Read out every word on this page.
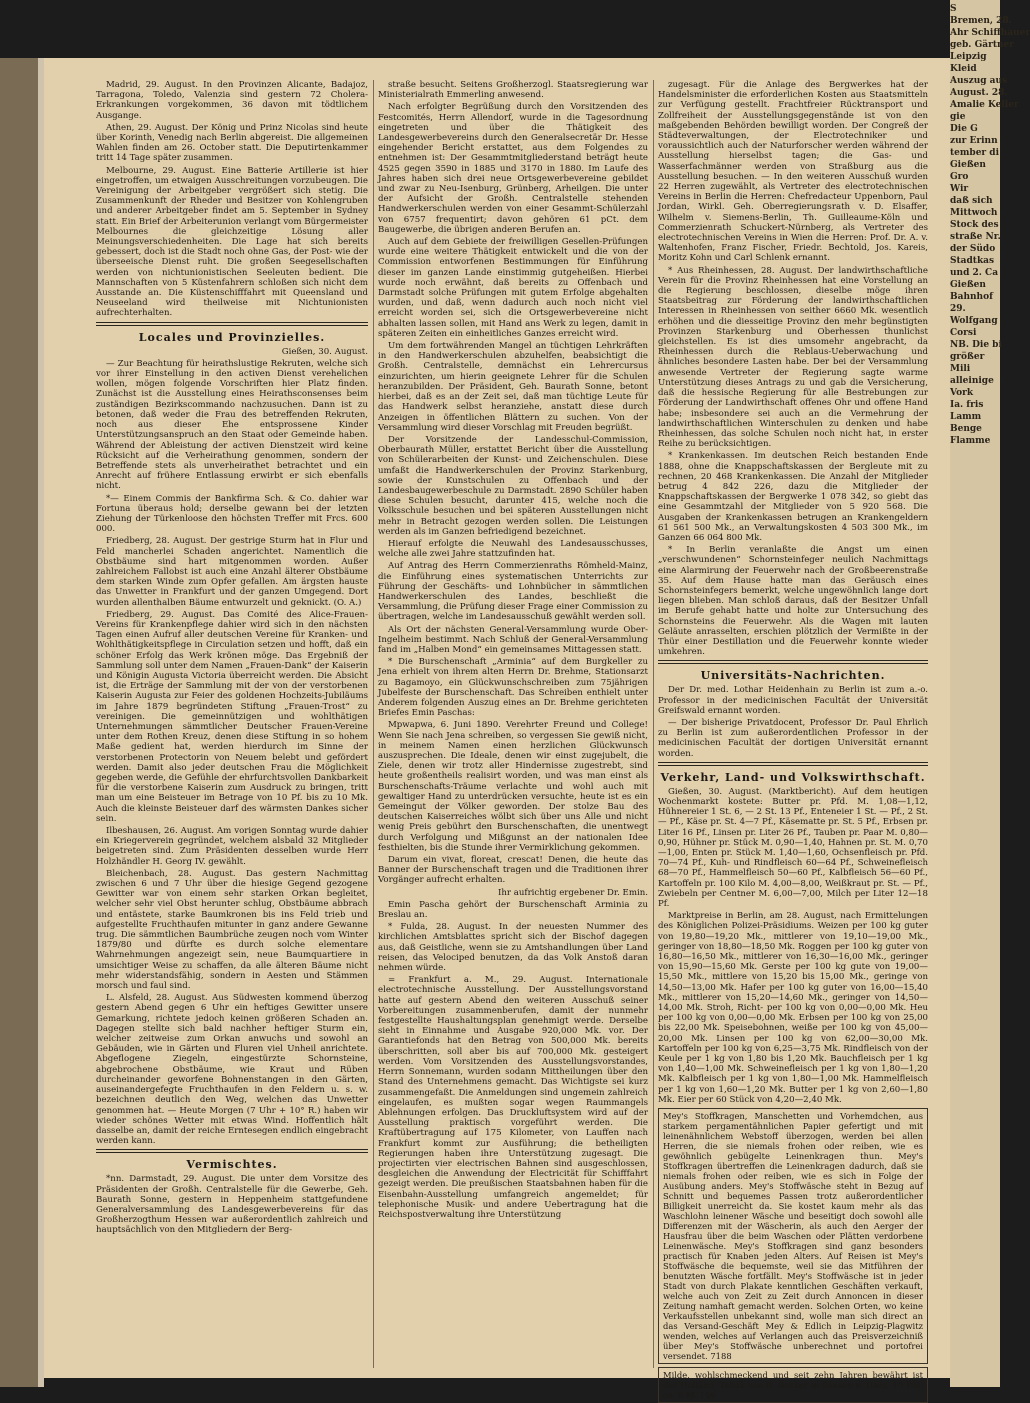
Madrid, 29. August. In den Provinzen Alicante, Badajoz, Tarragona, Toledo, Valenzia sind gestern 72 Cholera-Erkrankungen vorgekommen, 36 davon mit tödtlichem Ausgange.

Athen, 29. August. Der König und Prinz Nicolas sind heute über Korinth, Venedig nach Berlin abgereist. Die allgemeinen Wahlen finden am 26. October statt. Die Deputirtenkammer tritt 14 Tage später zusammen.

Melbourne, 29. August. Eine Batterie Artillerie ist hier eingetroffen, um etwaigen Ausschreitungen vorzubeugen. Die Vereinigung der Arbeitgeber vergrößert sich stetig. Die Zusammenkunft der Rheder und Besitzer von Kohlengruben und anderer Arbeitgeber findet am 5. September in Sydney statt. Ein Brief der Arbeiterunion verlangt vom Bürgermeister Melbournes die gleichzeitige Lösung aller Meinungsverschiedenheiten. Die Lage hat sich bereits gebessert, doch ist die Stadt noch ohne Gas, der Post- wie der überseeische Dienst ruht. Die großen Seegesellschaften werden von nichtunionistischen Seeleuten bedient. Die Mannschaften von 5 Küstenfahrern schloßen sich nicht dem Ausstande an. Die Küstenschifffahrt mit Queensland und Neuseeland wird theilweise mit Nichtunionisten aufrechterhalten.

Locales und Provinzielles.

Gießen, 30. August.

— Zur Beachtung für heirathslustige Rekruten, welche sich vor ihrer Einstellung in den activen Dienst verehelichen wollen, mögen folgende Vorschriften hier Platz finden. Zunächst ist die Ausstellung eines Heirathsconsenses beim zuständigen Bezirkscommando nachzusuchen. Dann ist zu betonen, daß weder die Frau des betreffenden Rekruten, noch aus dieser Ehe entsprossene Kinder Unterstützungsanspruch an den Staat oder Gemeinde haben. Während der Ableistung der activen Dienstzeit wird keine Rücksicht auf die Verheirathung genommen, sondern der Betreffende stets als unverheirathet betrachtet und ein Anrecht auf frühere Entlassung erwirbt er sich ebenfalls nicht.

*— Einem Commis der Bankfirma Sch. & Co. dahier war Fortuna überaus hold; derselbe gewann bei der letzten Ziehung der Türkenloose den höchsten Treffer mit Frcs. 600 000.

Friedberg, 28. August. Der gestrige Sturm hat in Flur und Feld mancherlei Schaden angerichtet. Namentlich die Obstbäume sind hart mitgenommen worden. Außer zahlreichem Fallobst ist auch eine Anzahl älterer Obstbäume dem starken Winde zum Opfer gefallen. Am ärgsten hauste das Unwetter in Frankfurt und der ganzen Umgegend. Dort wurden allenthalben Bäume entwurzelt und geknickt. (O. A.)

Friedberg, 29. August. Das Comité des Alice-Frauen-Vereins für Krankenpflege dahier wird sich in den nächsten Tagen einen Aufruf aller deutschen Vereine für Kranken- und Wohlthätigkeitspflege in Circulation setzen und hofft, daß ein schöner Erfolg das Werk krönen möge. Das Ergebniß der Sammlung soll unter dem Namen „Frauen-Dank“ der Kaiserin und Königin Augusta Victoria überreicht werden. Die Absicht ist, die Erträge der Sammlung mit der von der verstorbenen Kaiserin Augusta zur Feier des goldenen Hochzeits-Jubiläums im Jahre 1879 begründeten Stiftung „Frauen-Trost“ zu vereinigen. Die gemeinnützigen und wohlthätigen Unternehmungen sämmtlicher Deutscher Frauen-Vereine unter dem Rothen Kreuz, denen diese Stiftung in so hohem Maße gedient hat, werden hierdurch im Sinne der verstorbenen Protectorin von Neuem belebt und gefördert werden. Damit also jeder deutschen Frau die Möglichkeit gegeben werde, die Gefühle der ehrfurchtsvollen Dankbarkeit für die verstorbene Kaiserin zum Ausdruck zu bringen, tritt man um eine Beisteuer im Betrage von 10 Pf. bis zu 10 Mk. Auch die kleinste Beisteuer darf des wärmsten Dankes sicher sein.

Ilbeshausen, 26. August. Am vorigen Sonntag wurde dahier ein Kriegerverein gegründet, welchem alsbald 32 Mitglieder beigetreten sind. Zum Präsidenten desselben wurde Herr Holzhändler H. Georg IV. gewählt.

Bleichenbach, 28. August. Das gestern Nachmittag zwischen 6 und 7 Uhr über die hiesige Gegend gezogene Gewitter war von einem sehr starken Orkan begleitet, welcher sehr viel Obst herunter schlug, Obstbäume abbrach und entästete, starke Baumkronen bis ins Feld trieb und aufgestellte Fruchthaufen mitunter in ganz andere Gewanne trug. Die sämmtlichen Baumbrüche zeugen noch vom Winter 1879/80 und dürfte es durch solche elementare Wahrnehmungen angezeigt sein, neue Baumquartiere in umsichtiger Weise zu schaffen, da alle älteren Bäume nicht mehr widerstandsfähig, sondern in Aesten und Stämmen morsch und faul sind.

L. Alsfeld, 28. August. Aus Südwesten kommend überzog gestern Abend gegen 6 Uhr ein heftiges Gewitter unsere Gemarkung, richtete jedoch keinen größeren Schaden an. Dagegen stellte sich bald nachher heftiger Sturm ein, welcher zeitweise zum Orkan anwuchs und sowohl an Gebäuden, wie in Gärten und Fluren viel Unheil anrichtete. Abgeflogene Ziegeln, eingestürzte Schornsteine, abgebrochene Obstbäume, wie Kraut und Rüben durcheinander geworfene Bohnenstangen in den Gärten, auseinandergefegte Fruchthaufen in den Feldern u. s. w. bezeichnen deutlich den Weg, welchen das Unwetter genommen hat. — Heute Morgen (7 Uhr + 10° R.) haben wir wieder schönes Wetter mit etwas Wind. Hoffentlich hält dasselbe an, damit der reiche Erntesegen endlich eingebracht werden kann.

Vermischtes.

*nn. Darmstadt, 29. August. Die unter dem Vorsitze des Präsidenten der Großh. Centralstelle für die Gewerbe, Geh. Baurath Sonne, gestern in Heppenheim stattgefundene Generalversammlung des Landesgewerbevereins für das Großherzogthum Hessen war außerordentlich zahlreich und hauptsächlich von den Mitgliedern der Berg-

straße besucht. Seitens Großherzogl. Staatsregierung war Ministerialrath Emmerling anwesend.

Nach erfolgter Begrüßung durch den Vorsitzenden des Festcomités, Herrn Allendorf, wurde in die Tagesordnung eingetreten und über die Thätigkeit des Landesgewerbevereins durch den Generalsecretär Dr. Hesse eingehender Bericht erstattet, aus dem Folgendes zu entnehmen ist: Der Gesammtmitgliederstand beträgt heute 4525 gegen 3590 in 1885 und 3170 in 1880. Im Laufe des Jahres haben sich drei neue Ortsgewerbevereine gebildet und zwar zu Neu-Isenburg, Grünberg, Arheilgen. Die unter der Aufsicht der Großh. Centralstelle stehenden Handwerkerschulen werden von einer Gesammt-Schülerzahl von 6757 frequentirt; davon gehören 61 pCt. dem Baugewerbe, die übrigen anderen Berufen an.

Auch auf dem Gebiete der freiwilligen Gesellen-Prüfungen wurde eine weitere Thätigkeit entwickelt und die von der Commission entworfenen Bestimmungen für Einführung dieser im ganzen Lande einstimmig gutgeheißen. Hierbei wurde noch erwähnt, daß bereits zu Offenbach und Darmstadt solche Prüfungen mit gutem Erfolge abgehalten wurden, und daß, wenn dadurch auch noch nicht viel erreicht worden sei, sich die Ortsgewerbevereine nicht abhalten lassen sollen, mit Hand ans Werk zu legen, damit in späteren Zeiten ein einheitliches Ganzes erreicht wird.

Um dem fortwährenden Mangel an tüchtigen Lehrkräften in den Handwerkerschulen abzuhelfen, beabsichtigt die Großh. Centralstelle, demnächst ein Lehrercursus einzurichten, um hierin geeignete Lehrer für die Schulen heranzubilden. Der Präsident, Geh. Baurath Sonne, betont hierbei, daß es an der Zeit sei, daß man tüchtige Leute für das Handwerk selbst heranziehe, anstatt diese durch Anzeigen in öffentlichen Blättern zu suchen. Von der Versammlung wird dieser Vorschlag mit Freuden begrüßt.

Der Vorsitzende der Landesschul-Commission, Oberbaurath Müller, erstattet Bericht über die Ausstellung von Schülerarbeiten der Kunst- und Zeichenschulen. Diese umfaßt die Handwerkerschulen der Provinz Starkenburg, sowie der Kunstschulen zu Offenbach und der Landesbaugewerbeschule zu Darmstadt. 2890 Schüler haben diese Schulen besucht, darunter 415, welche noch die Volksschule besuchen und bei späteren Ausstellungen nicht mehr in Betracht gezogen werden sollen. Die Leistungen werden als im Ganzen befriedigend bezeichnet.

Hierauf erfolgte die Neuwahl des Landesausschusses, welche alle zwei Jahre stattzufinden hat.

Auf Antrag des Herrn Commerzienraths Römheld-Mainz, die Einführung eines systematischen Unterrichts zur Führung der Geschäfts- und Lohnbücher in sämmtlichen Handwerkerschulen des Landes, beschließt die Versammlung, die Prüfung dieser Frage einer Commission zu übertragen, welche im Landesausschuß gewählt werden soll.

Als Ort der nächsten General-Versammlung wurde Ober-Ingelheim bestimmt. Nach Schluß der General-Versammlung fand im „Halben Mond“ ein gemeinsames Mittagessen statt.

* Die Burschenschaft „Arminia“ auf dem Burgkeller zu Jena erhielt von ihrem alten Herrn Dr. Brehme, Stationsarzt zu Bagamoyo, ein Glückwunschschreiben zum 75jährigen Jubelfeste der Burschenschaft. Das Schreiben enthielt unter Anderem folgenden Auszug eines an Dr. Brehme gerichteten Briefes Emin Paschas:

Mpwapwa, 6. Juni 1890. Verehrter Freund und College! Wenn Sie nach Jena schreiben, so vergessen Sie gewiß nicht, in meinem Namen einen herzlichen Glückwunsch auszusprechen. Die Ideale, denen wir einst zugejubelt, die Ziele, denen wir trotz aller Hindernisse zugestrebt, sind heute großentheils realisirt worden, und was man einst als Burschenschafts-Träume verlachte und wohl auch mit gewaltiger Hand zu unterdrücken versuchte, heute ist es ein Gemeingut der Völker geworden. Der stolze Bau des deutschen Kaiserreiches wölbt sich über uns Alle und nicht wenig Preis gebührt den Burschenschaften, die unentwegt durch Verfolgung und Mißgunst an der nationalen Idee festhielten, bis die Stunde ihrer Vermirklichung gekommen.

Darum ein vivat, floreat, crescat! Denen, die heute das Banner der Burschenschaft tragen und die Traditionen ihrer Vorgänger aufrecht erhalten.

Ihr aufrichtig ergebener Dr. Emin.

Emin Pascha gehört der Burschenschaft Arminia zu Breslau an.

* Fulda, 28. August. In der neuesten Nummer des kirchlichen Amtsblattes spricht sich der Bischof dagegen aus, daß Geistliche, wenn sie zu Amtshandlungen über Land reisen, das Velociped benutzen, da das Volk Anstoß daran nehmen würde.

= Frankfurt a. M., 29. August. Internationale electrotechnische Ausstellung. Der Ausstellungsvorstand hatte auf gestern Abend den weiteren Ausschuß seiner Vorbereitungen zusammenberufen, damit der nunmehr festgestellte Haushaltungsplan genehmigt werde. Derselbe sieht in Einnahme und Ausgabe 920,000 Mk. vor. Der Garantiefonds hat den Betrag von 500,000 Mk. bereits überschritten, soll aber bis auf 700,000 Mk. gesteigert werden. Vom Vorsitzenden des Ausstellungsvorstandes, Herrn Sonnemann, wurden sodann Mittheilungen über den Stand des Unternehmens gemacht. Das Wichtigste sei kurz zusammengefaßt. Die Anmeldungen sind ungemein zahlreich eingelaufen, es mußten sogar wegen Raummangels Ablehnungen erfolgen. Das Druckluftsystem wird auf der Ausstellung praktisch vorgeführt werden. Die Kraftübertragung auf 175 Kilometer, von Lauffen nach Frankfurt kommt zur Ausführung; die betheiligten Regierungen haben ihre Unterstützung zugesagt. Die projectirten vier electrischen Bahnen sind ausgeschlossen, desgleichen die Anwendung der Electricität für Schifffahrt gezeigt werden. Die preußischen Staatsbahnen haben für die Eisenbahn-Ausstellung umfangreich angemeldet; für telephonische Musik- und andere Uebertragung hat die Reichspostverwaltung ihre Unterstützung

zugesagt. Für die Anlage des Bergwerkes hat der Handelsminister die erforderlichen Kosten aus Staatsmitteln zur Verfügung gestellt. Frachtfreier Rücktransport und Zollfreiheit der Ausstellungsgegenstände ist von den maßgebenden Behörden bewilligt worden. Der Congreß der Städteverwaltungen, der Electrotechniker und voraussichtlich auch der Naturforscher werden während der Ausstellung hierselbst tagen; die Gas- und Wasserfachmänner werden von Straßburg aus die Ausstellung besuchen. — In den weiteren Ausschuß wurden 22 Herren zugewählt, als Vertreter des electrotechnischen Vereins in Berlin die Herren: Chefredacteur Uppenborn, Paul Jordan, Wirkl. Geh. Oberregierungsrath v. D. Elsaffer, Wilhelm v. Siemens-Berlin, Th. Guilleaume-Köln und Commerzienrath Schuckert-Nürnberg, als Vertreter des electrotechnischen Vereins in Wien die Herren: Prof. Dr. A. v. Waltenhofen, Franz Fischer, Friedr. Bechtold, Jos. Kareis, Moritz Kohn und Carl Schlenk ernannt.

* Aus Rheinhessen, 28. August. Der landwirthschaftliche Verein für die Provinz Rheinhessen hat eine Vorstellung an die Regierung beschlossen, dieselbe möge ihren Staatsbeitrag zur Förderung der landwirthschaftlichen Interessen in Rheinhessen von seither 6660 Mk. wesentlich erhöhen und die diesseitige Provinz den mehr begünstigten Provinzen Starkenburg und Oberhessen thunlichst gleichstellen. Es ist dies umsomehr angebracht, da Rheinhessen durch die Reblaus-Ueberwachung und ähnliches besondere Lasten habe. Der bei der Versammlung anwesende Vertreter der Regierung sagte warme Unterstützung dieses Antrags zu und gab die Versicherung, daß die hessische Regierung für alle Bestrebungen zur Förderung der Landwirthschaft offenes Ohr und offene Hand habe; insbesondere sei auch an die Vermehrung der landwirthschaftlichen Winterschulen zu denken und habe Rheinhessen, das solche Schulen noch nicht hat, in erster Reihe zu berücksichtigen.

* Krankenkassen. Im deutschen Reich bestanden Ende 1888, ohne die Knappschaftskassen der Bergleute mit zu rechnen, 20 468 Krankenkassen. Die Anzahl der Mitglieder betrug 4 842 226, dazu die Mitglieder der Knappschaftskassen der Bergwerke 1 078 342, so giebt das eine Gesammtzahl der Mitglieder von 5 920 568. Die Ausgaben der Krankenkassen betrugen an Krankengeldern 61 561 500 Mk., an Verwaltungskosten 4 503 300 Mk., im Ganzen 66 064 800 Mk.

* In Berlin veranlaßte die Angst um einen „verschwundenen“ Schornsteinfeger neulich Nachmittags eine Alarmirung der Feuerwehr nach der Großbeerenstraße 35. Auf dem Hause hatte man das Geräusch eines Schornsteinfegers bemerkt, welche ungewöhnlich lange dort liegen blieben. Man schloß daraus, daß der Besitzer Unfall im Berufe gehabt hatte und holte zur Untersuchung des Schornsteins die Feuerwehr. Als die Wagen mit lauten Geläute anrasselten, erschien plötzlich der Vermißte in der Thür einer Destillation und die Feuerwehr konnte wieder umkehren.

Universitäts-Nachrichten.

Der Dr. med. Lothar Heidenhain zu Berlin ist zum a.-o. Professor in der medicinischen Facultät der Universität Greifswald ernannt worden.

— Der bisherige Privatdocent, Professor Dr. Paul Ehrlich zu Berlin ist zum außerordentlichen Professor in der medicinischen Facultät der dortigen Universität ernannt worden.

Verkehr, Land- und Volkswirthschaft.

Gießen, 30. August. (Marktbericht). Auf dem heutigen Wochenmarkt kostete: Butter pr. Pfd. M. 1,08—1,12, Hühnereier 1 St. 6, — 2 St. 13 Pf., Enteneier 1 St. — Pf., 2 St. — Pf., Käse pr. St. 4—7 Pf., Käsematte pr. St. 5 Pf., Erbsen pr. Liter 16 Pf., Linsen pr. Liter 26 Pf., Tauben pr. Paar M. 0,80—0,90, Hühner pr. Stück M. 0,90—1,40, Hahnen pr. St. M. 0,70—1,00, Enten pr. Stück M. 1,40—1,60, Ochsenfleisch pr. Pfd. 70—74 Pf., Kuh- und Rindfleisch 60—64 Pf., Schweinefleisch 68—70 Pf., Hammelfleisch 50—60 Pf., Kalbfleisch 56—60 Pf., Kartoffeln pr. 100 Kilo M. 4,00—8,00, Weißkraut pr. St. — Pf., Zwiebeln per Centner M. 6,00—7,00, Milch per Liter 12—18 Pf.

Marktpreise in Berlin, am 28. August, nach Ermittelungen des Königlichen Polizei-Präsidiums. Weizen per 100 kg guter von 19,80—19,20 Mk., mittlerer von 19,10—19,00 Mk., geringer von 18,80—18,50 Mk. Roggen per 100 kg guter von 16,80—16,50 Mk., mittlerer von 16,30—16,00 Mk., geringer von 15,90—15,60 Mk. Gerste per 100 kg gute von 19,00—15,50 Mk., mittlere von 15,20 bis 15,00 Mk., geringe von 14,50—13,00 Mk. Hafer per 100 kg guter von 16,00—15,40 Mk., mittlerer von 15,20—14,60 Mk., geringer von 14,50—14,00 Mk. Stroh, Richt- per 100 kg von 0,00—0,00 Mk. Heu per 100 kg von 0,00—0,00 Mk. Erbsen per 100 kg von 25,00 bis 22,00 Mk. Speisebohnen, weiße per 100 kg von 45,00—20,00 Mk. Linsen per 100 kg von 62,00—30,00 Mk. Kartoffeln per 100 kg von 6,25—3,75 Mk. Rindfleisch von der Keule per 1 kg von 1,80 bis 1,20 Mk. Bauchfleisch per 1 kg von 1,40—1,00 Mk. Schweinefleisch per 1 kg von 1,80—1,20 Mk. Kalbfleisch per 1 kg von 1,80—1,00 Mk. Hammelfleisch per 1 kg von 1,60—1,20 Mk. Butter per 1 kg von 2,60—1,80 Mk. Eier per 60 Stück von 4,20—2,40 Mk.

Mey's Stoffkragen, Manschetten und Vorhemdchen, aus starkem pergamentähnlichen Papier gefertigt und mit leinenähnlichem Webstoff überzogen, werden bei allen Herren, die sie niemals frohen oder reiben, wie es gewöhnlich gebügelte Leinenkragen thun. Mey's Stoffkragen übertreffen die Leinenkragen dadurch, daß sie niemals frohen oder reiben, wie es sich in Folge der Ausübung anders. Mey's Stoffwäsche steht in Bezug auf Schnitt und bequemes Passen trotz außerordentlicher Billigkeit unerreicht da. Sie kostet kaum mehr als das Waschlohn leinener Wäsche und beseitigt doch sowohl alle Differenzen mit der Wäscherin, als auch den Aerger der Hausfrau über die beim Waschen oder Plätten verdorbene Leinenwäsche. Mey's Stoffkragen sind ganz besonders practisch für Knaben jeden Alters. Auf Reisen ist Mey's Stoffwäsche die bequemste, weil sie das Mitführen der benutzten Wäsche fortfällt. Mey's Stoffwäsche ist in jeder Stadt von durch Plakate kenntlichen Geschäften verkauft, welche auch von Zeit zu Zeit durch Annoncen in dieser Zeitung namhaft gemacht werden. Solchen Orten, wo keine Verkaufsstellen unbekannt sind, wolle man sich direct an das Versand-Geschäft Mey & Edlich in Leipzig-Plagwitz wenden, welches auf Verlangen auch das Preisverzeichniß über Mey's Stoffwäsche unberechnet und portofrei versendet. 7188
Milde, wohlschmeckend und seit zehn Jahren bewährt ist der Holländ. Tabak von B. Becker in Seesen a. Harz, 10 Pfd. co. 8 M. 156
S
Bremen, 28.
Ahr Schiffhauer
geb. Gärtner
Leipzig
Kleid
Auszug aus
August. 28.
Amalie Keller
gie
Die G
zur Erinn
tember di
Gießen
Gro
Wir
daß sich
Mittwoch
Stock des
straße Nr.
der Südo
Stadtkas
und 2. Ca
Gießen
Bahnhof
29.
Wolfgang
Corsi
NB. Die bi
größer
Mili
alleinige
Vork
Ia. fris
Lamm
Benge
Flamme
